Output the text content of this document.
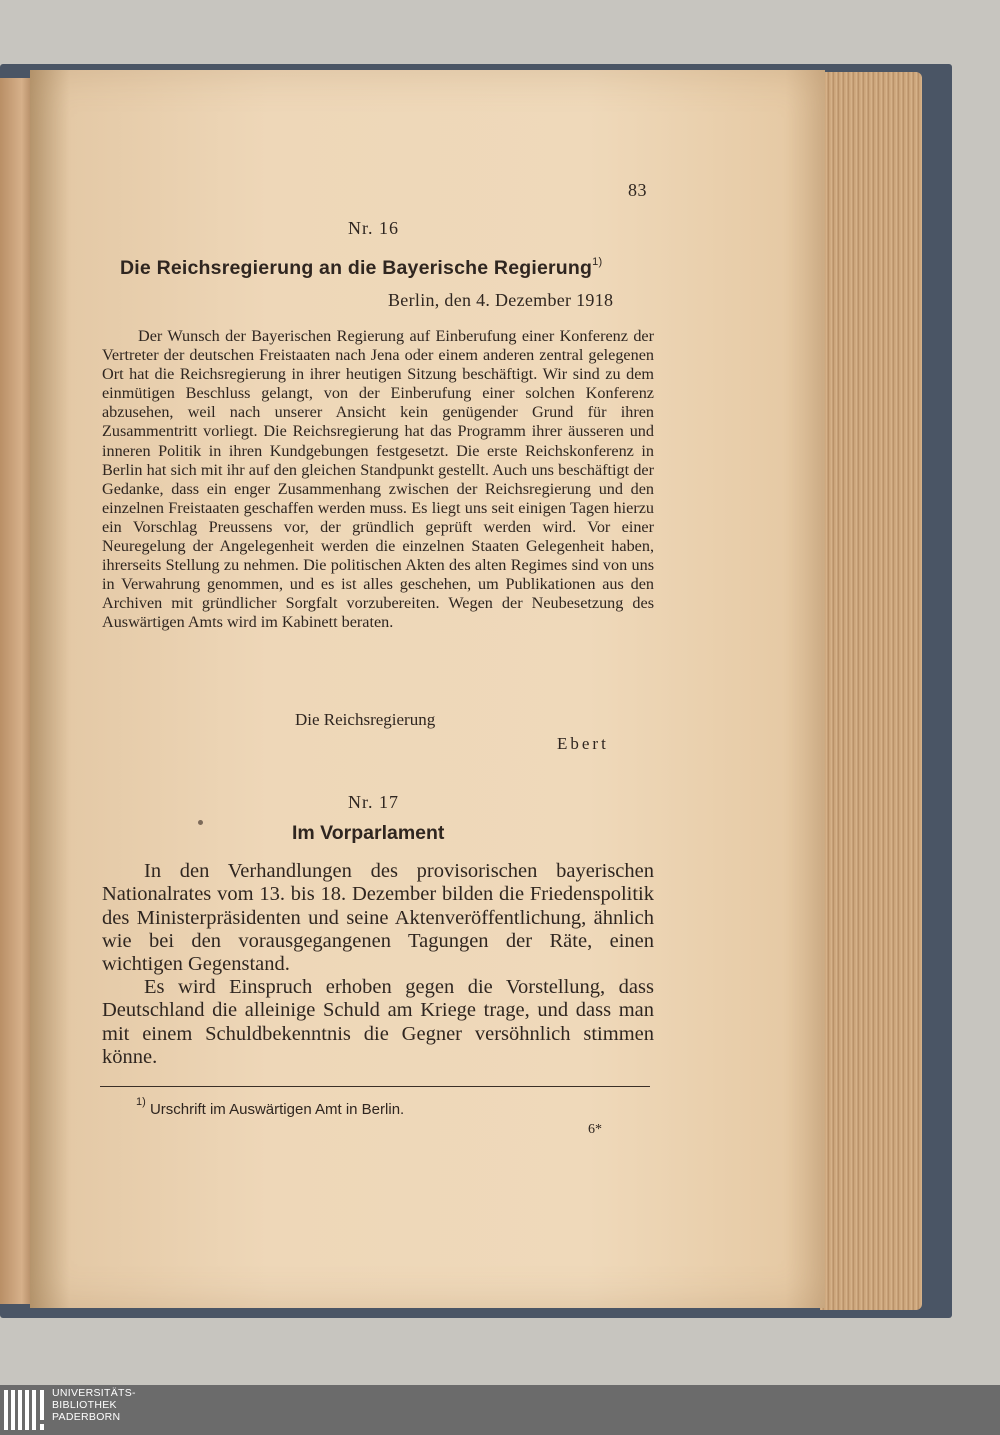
83

Nr. 16

Die Reichsregierung an die Bayerische Regierung$^{1)}$

Berlin, den 4. Dezember 1918

Der Wunsch der Bayerischen Regierung auf Einberufung einer Konferenz der Vertreter der deutschen Freistaaten nach Jena oder einem anderen zentral gelegenen Ort hat die Reichsregierung in ihrer heutigen Sitzung beschäftigt. Wir sind zu dem einmütigen Beschluss gelangt, von der Einberufung einer solchen Konferenz abzusehen, weil nach unserer Ansicht kein genügender Grund für ihren Zusammentritt vorliegt. Die Reichsregierung hat das Programm ihrer äusseren und inneren Politik in ihren Kundgebungen festgesetzt. Die erste Reichskonferenz in Berlin hat sich mit ihr auf den gleichen Standpunkt gestellt. Auch uns beschäftigt der Gedanke, dass ein enger Zusammenhang zwischen der Reichsregierung und den einzelnen Freistaaten geschaffen werden muss. Es liegt uns seit einigen Tagen hierzu ein Vorschlag Preussens vor, der gründlich geprüft werden wird. Vor einer Neuregelung der Angelegenheit werden die einzelnen Staaten Gelegenheit haben, ihrerseits Stellung zu nehmen. Die politischen Akten des alten Regimes sind von uns in Verwahrung genommen, und es ist alles geschehen, um Publikationen aus den Archiven mit gründlicher Sorgfalt vorzubereiten. Wegen der Neubesetzung des Auswärtigen Amts wird im Kabinett beraten.

Die Reichsregierung

Ebert

Nr. 17

Im Vorparlament

In den Verhandlungen des provisorischen bayerischen Nationalrates vom 13. bis 18. Dezember bilden die Friedenspolitik des Ministerpräsidenten und seine Aktenveröffentlichung, ähnlich wie bei den vorausgegangenen Tagungen der Räte, einen wichtigen Gegenstand.

Es wird Einspruch erhoben gegen die Vorstellung, dass Deutschland die alleinige Schuld am Kriege trage, und dass man mit einem Schuldbekenntnis die Gegner versöhnlich stimmen könne.

$^{1)}$ Urschrift im Auswärtigen Amt in Berlin.

6*

UNIVERSITÄTS-
BIBLIOTHEK
PADERBORN
